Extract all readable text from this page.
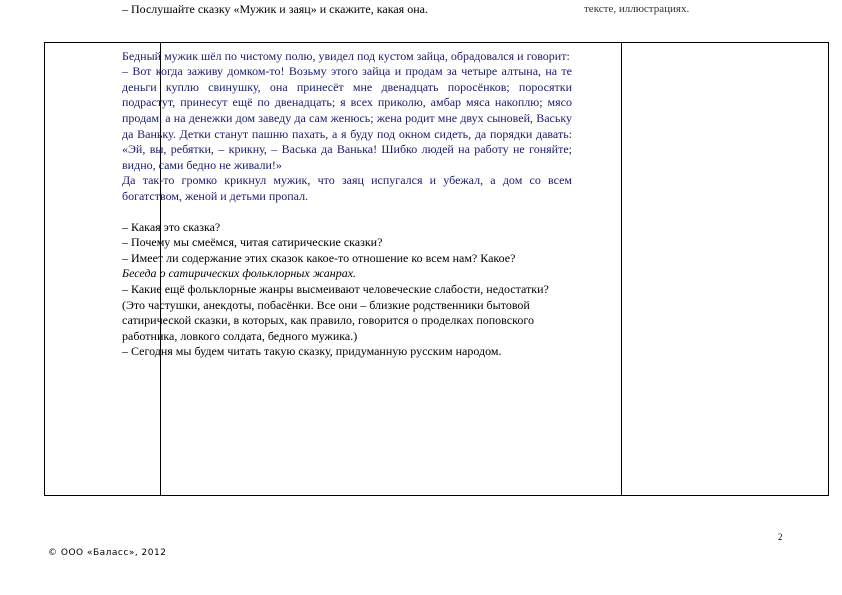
– Послушайте сказку «Мужик и заяц» и скажите, какая она.

Бедный мужик шёл по чистому полю, увидел под кустом зайца, обрадовался и говорит:

– Вот когда заживу домком-то! Возьму этого зайца и продам за четыре алтына, на те деньги куплю свинушку, она принесёт мне двенадцать поросёнков; поросятки подрастут, принесут ещё по двенадцать; я всех приколю, амбар мяса накоплю; мясо продам, а на денежки дом заведу да сам женюсь; жена родит мне двух сыновей, Ваську да Ваньку. Детки станут пашню пахать, а я буду под окном сидеть, да порядки давать: «Эй, вы, ребятки, – крикну, – Васька да Ванька! Шибко людей на работу не гоняйте; видно, сами бедно не живали!»

Да так-то громко крикнул мужик, что заяц испугался и убежал, а дом со всем богатством, женой и детьми пропал.

– Какая это сказка?

– Почему мы смеёмся, читая сатирические сказки?

– Имеет ли содержание этих сказок какое-то отношение ко всем нам? Какое?

Беседа о сатирических фольклорных жанрах.

– Какие ещё фольклорные жанры высмеивают человеческие слабости, недостатки? (Это частушки, анекдоты, побасёнки. Все они – близкие родственники бытовой сатирической сказки, в которых, как правило, говорится о проделках поповского работника, ловкого солдата, бедного мужика.)

– Сегодня мы будем читать такую сказку, придуманную русским народом.

тексте, иллюстрациях.
2
© ООО «Баласс», 2012
